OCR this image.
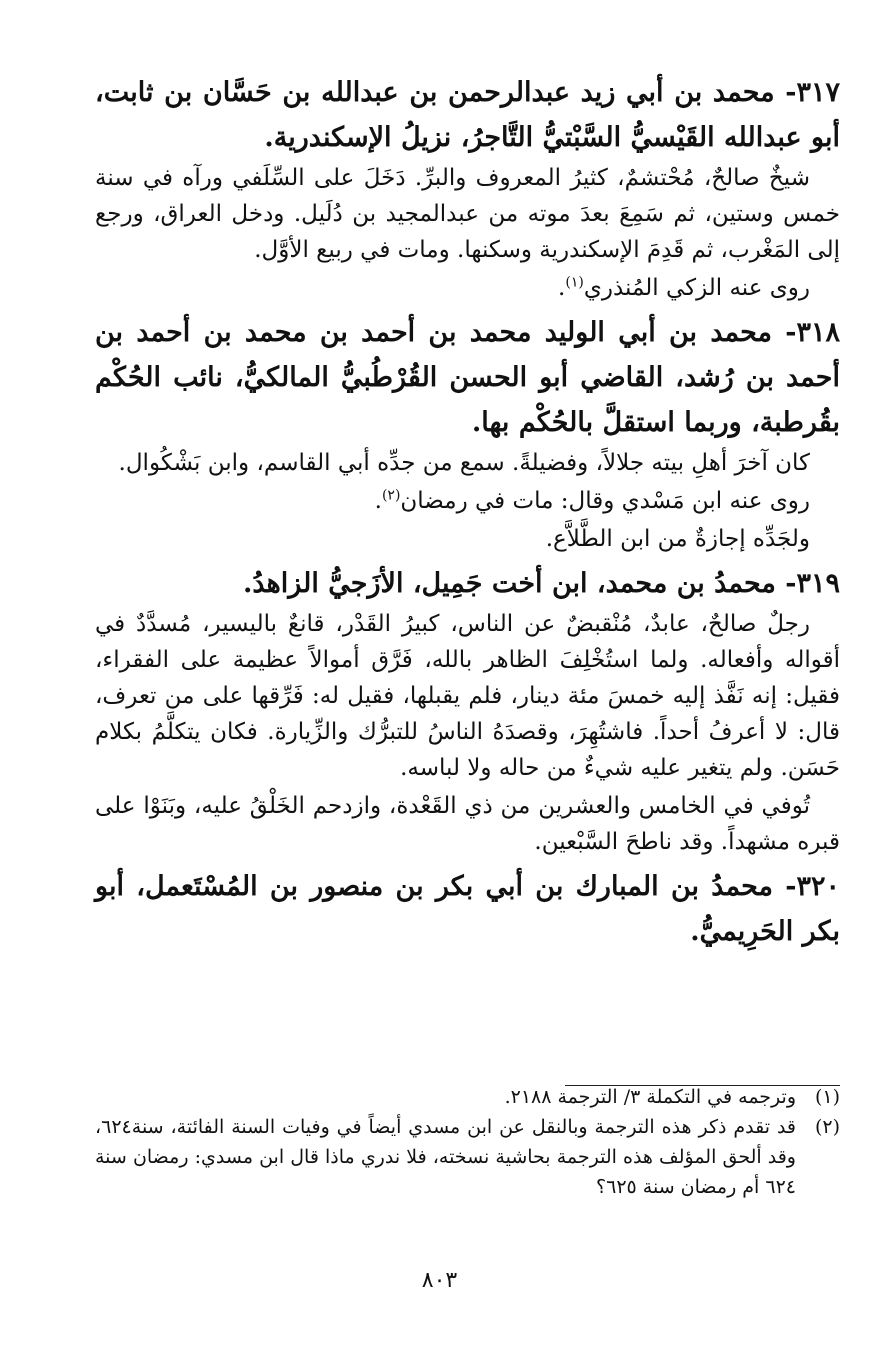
٣١٧- محمد بن أبي زيد عبدالرحمن بن عبدالله بن حَسَّان بن ثابت، أبو عبدالله القَيْسيُّ السَّبْتيُّ التَّاجرُ، نزيلُ الإسكندرية.

شيخٌ صالحٌ، مُحْتشمٌ، كثيرُ المعروف والبرِّ. دَخَلَ على السِّلَفي ورآه في سنة خمس وستين، ثم سَمِعَ بعدَ موته من عبدالمجيد بن دُلَيل. ودخل العراق، ورجع إلى المَغْرب، ثم قَدِمَ الإسكندرية وسكنها. ومات في ربيع الأوَّل.

روى عنه الزكي المُنذري$^{(١)}$.

٣١٨- محمد بن أبي الوليد محمد بن أحمد بن محمد بن أحمد بن أحمد بن رُشد، القاضي أبو الحسن القُرْطُبيُّ المالكيُّ، نائب الحُكْم بقُرطبة، وربما استقلَّ بالحُكْم بها.

كان آخرَ أهلِ بيته جلالاً، وفضيلةً. سمع من جدِّه أبي القاسم، وابن بَشْكُوال.

روى عنه ابن مَسْدي وقال: مات في رمضان$^{(٢)}$.

ولجَدِّه إجازةٌ من ابن الطَّلاَّع.

٣١٩- محمدُ بن محمد، ابن أخت جَمِيل، الأزَجيُّ الزاهدُ.

رجلٌ صالحٌ، عابدٌ، مُنْقبضٌ عن الناس، كبيرُ القَدْر، قانعٌ باليسير، مُسدَّدٌ في أقواله وأفعاله. ولما استُخْلِفَ الظاهر بالله، فَرَّق أموالاً عظيمة على الفقراء، فقيل: إنه نَفَّذ إليه خمسَ مئة دينار، فلم يقبلها، فقيل له: فَرِّقها على من تعرف، قال: لا أعرفُ أحداً. فاشتُهِرَ، وقصدَهُ الناسُ للتبرُّك والزِّيارة. فكان يتكلَّمُ بكلام حَسَن. ولم يتغير عليه شيءٌ من حاله ولا لباسه.

تُوفي في الخامس والعشرين من ذي القَعْدة، وازدحم الخَلْقُ عليه، وبَنَوْا على قبره مشهداً. وقد ناطحَ السَّبْعين.

٣٢٠- محمدُ بن المبارك بن أبي بكر بن منصور بن المُسْتَعمل، أبو بكر الحَرِيميُّ.

(١)
وترجمه في التكملة ٣/ الترجمة ٢١٨٨.

(٢)
قد تقدم ذكر هذه الترجمة وبالنقل عن ابن مسدي أيضاً في وفيات السنة الفائتة، سنة٦٢٤، وقد ألحق المؤلف هذه الترجمة بحاشية نسخته، فلا ندري ماذا قال ابن مسدي: رمضان سنة ٦٢٤ أم رمضان سنة ٦٢٥؟

٨٠٣
